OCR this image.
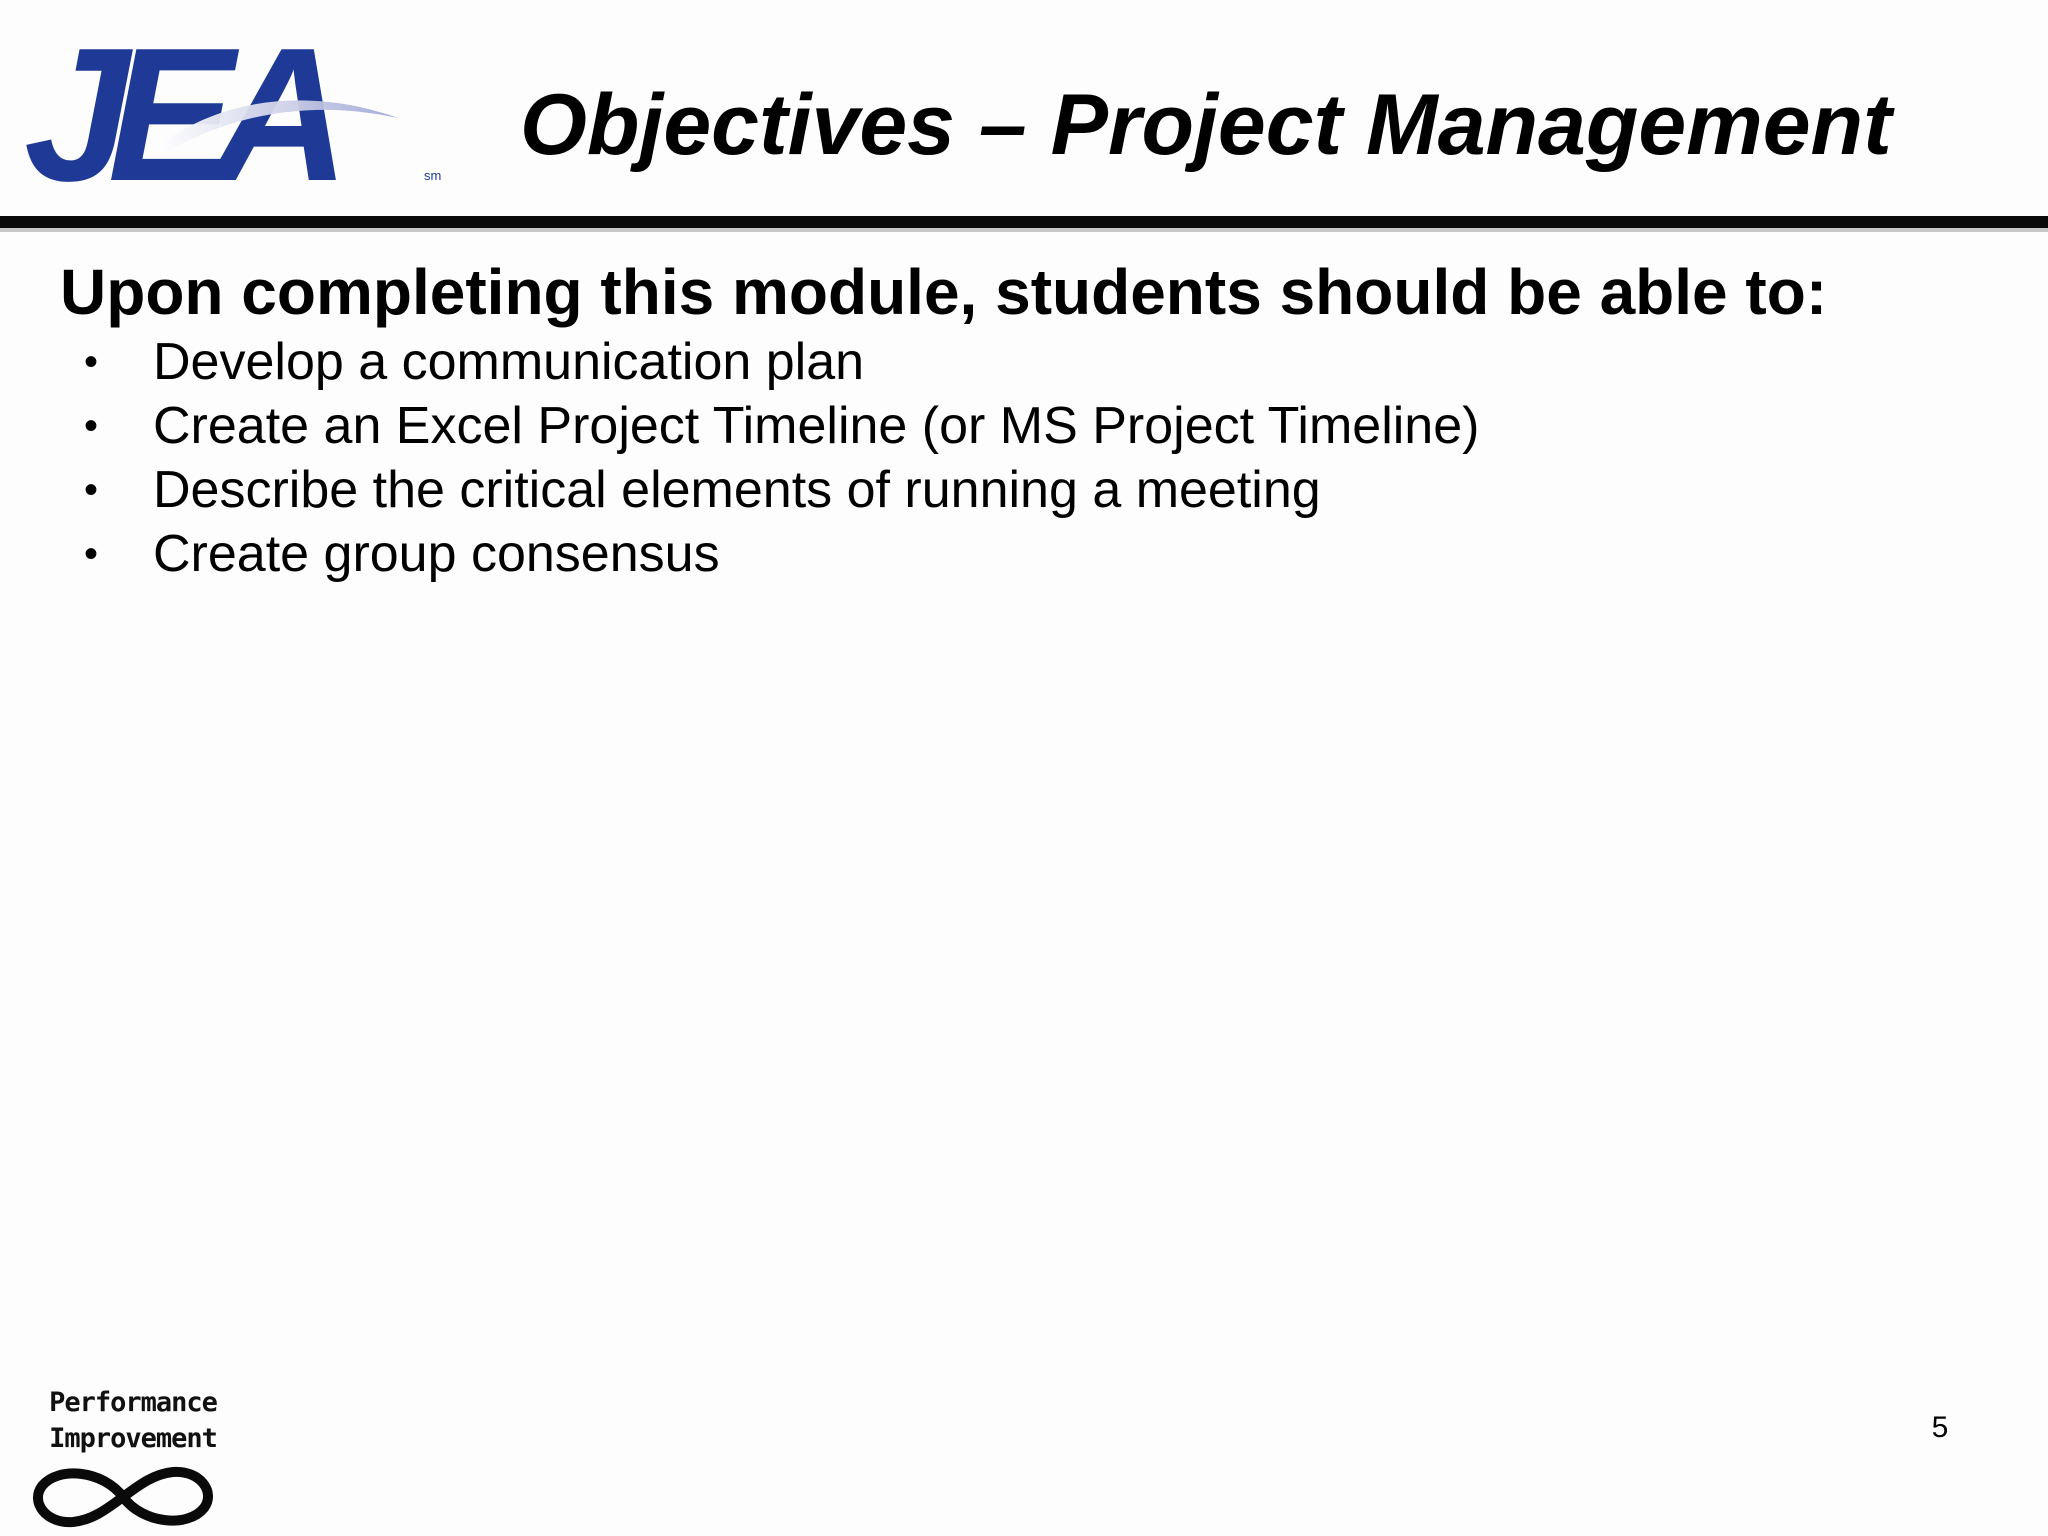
JEA	sm
Objectives – Project Management

Upon completing this module, students should be able to:

• Develop a communication plan
• Create an Excel Project Timeline (or MS Project Timeline)
• Describe the critical elements of running a meeting
• Create group consensus
Performance
Improvement	5
